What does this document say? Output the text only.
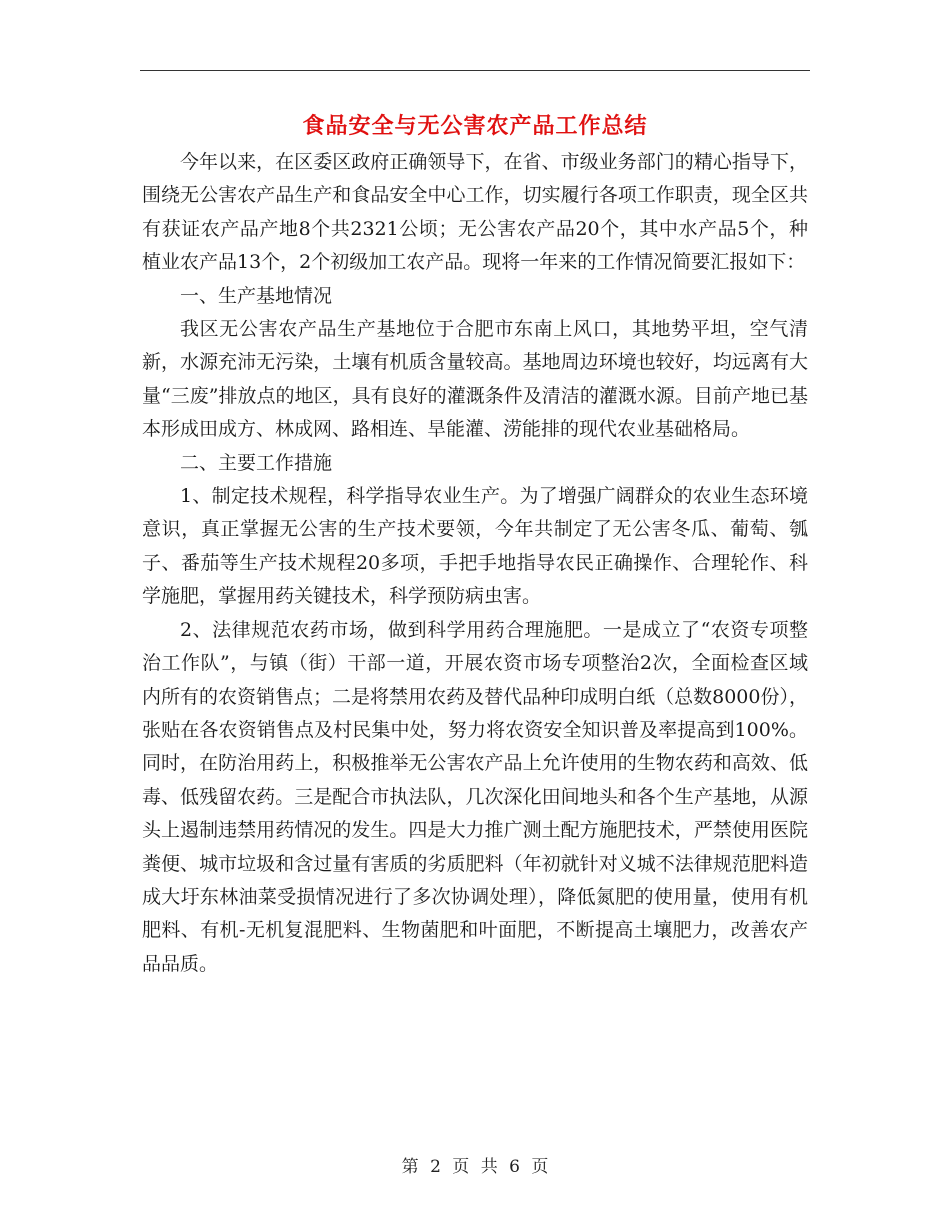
食品安全与无公害农产品工作总结

今年以来，在区委区政府正确领导下，在省、市级业务部门的精心指导下，围绕无公害农产品生产和食品安全中心工作，切实履行各项工作职责，现全区共有获证农产品产地8个共2321公顷；无公害农产品20个，其中水产品5个，种植业农产品13个，2个初级加工农产品。现将一年来的工作情况简要汇报如下：

一、生产基地情况

我区无公害农产品生产基地位于合肥市东南上风口，其地势平坦，空气清新，水源充沛无污染，土壤有机质含量较高。基地周边环境也较好，均远离有大量“三废”排放点的地区，具有良好的灌溉条件及清洁的灌溉水源。目前产地已基本形成田成方、林成网、路相连、旱能灌、涝能排的现代农业基础格局。

二、主要工作措施

1、制定技术规程，科学指导农业生产。为了增强广阔群众的农业生态环境意识，真正掌握无公害的生产技术要领，今年共制定了无公害冬瓜、葡萄、瓠子、番茄等生产技术规程20多项，手把手地指导农民正确操作、合理轮作、科学施肥，掌握用药关键技术，科学预防病虫害。

2、法律规范农药市场，做到科学用药合理施肥。一是成立了“农资专项整治工作队”，与镇（街）干部一道，开展农资市场专项整治2次，全面检查区域内所有的农资销售点；二是将禁用农药及替代品种印成明白纸（总数8000份），张贴在各农资销售点及村民集中处，努力将农资安全知识普及率提高到100%。同时，在防治用药上，积极推举无公害农产品上允许使用的生物农药和高效、低毒、低残留农药。三是配合市执法队，几次深化田间地头和各个生产基地，从源头上遏制违禁用药情况的发生。四是大力推广测土配方施肥技术，严禁使用医院粪便、城市垃圾和含过量有害质的劣质肥料（年初就针对义城不法律规范肥料造成大圩东林油菜受损情况进行了多次协调处理），降低氮肥的使用量，使用有机肥料、有机-无机复混肥料、生物菌肥和叶面肥，不断提高土壤肥力，改善农产品品质。

第 2 页 共 6 页
